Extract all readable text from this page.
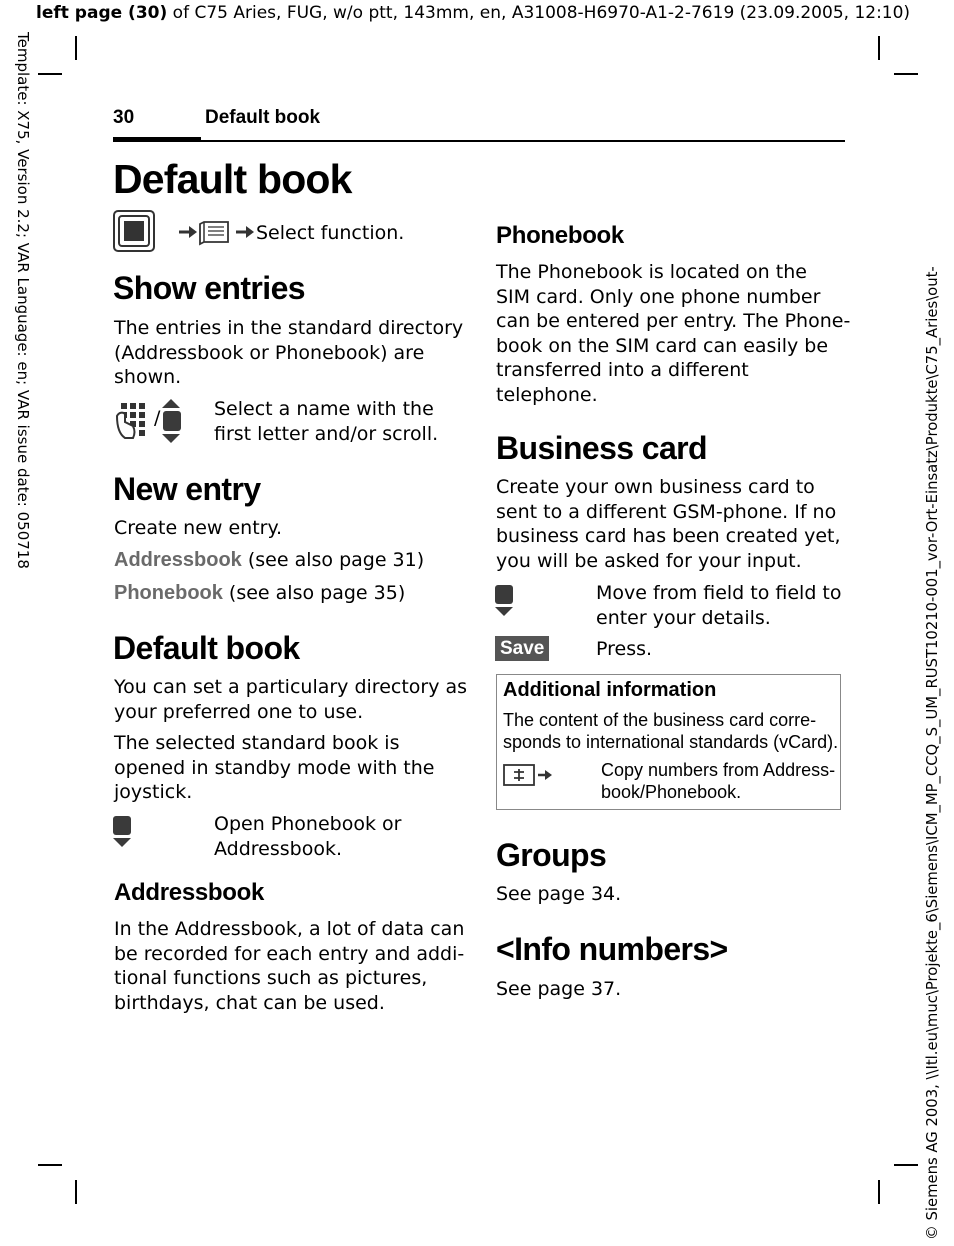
left page (30) of C75 Aries, FUG, w/o ptt, 143mm, en, A31008-H6970-A1-2-7619 (23.09.2005, 12:10)
Template: X75, Version 2.2; VAR Language: en; VAR issue date: 050718	© Siemens AG 2003, \\Itl.eu\muc\Projekte_6\Siemens\ICM_MP_CCQ_S_UM_RUST10210-001_vor-Ort-Einsatz\Produkte\C75_Aries\out-
30	Default book
Default book
Select function.
Show entries
The entries in the standard directory
(Addressbook or Phonebook) are
shown.
/	Select a name with the
first letter and/or scroll.
New entry
Create new entry.
Addressbook (see also page 31)
Phonebook (see also page 35)
Default book
You can set a particulary directory as
your preferred one to use.
The selected standard book is
opened in standby mode with the
joystick.
Open Phonebook or
Addressbook.
Addressbook
In the Addressbook, a lot of data can
be recorded for each entry and addi-
tional functions such as pictures,
birthdays, chat can be used.
Phonebook
The Phonebook is located on the
SIM card. Only one phone number
can be entered per entry. The Phone-
book on the SIM card can easily be
transferred into a different
telephone.
Business card
Create your own business card to
sent to a different GSM-phone. If no
business card has been created yet,
you will be asked for your input.
Move from field to field to
enter your details.
Save	Press.
Additional information
The content of the business card corre-
sponds to international standards (vCard).
Copy numbers from Address-
book/Phonebook.
Groups
See page 34.
<Info numbers>
See page 37.
